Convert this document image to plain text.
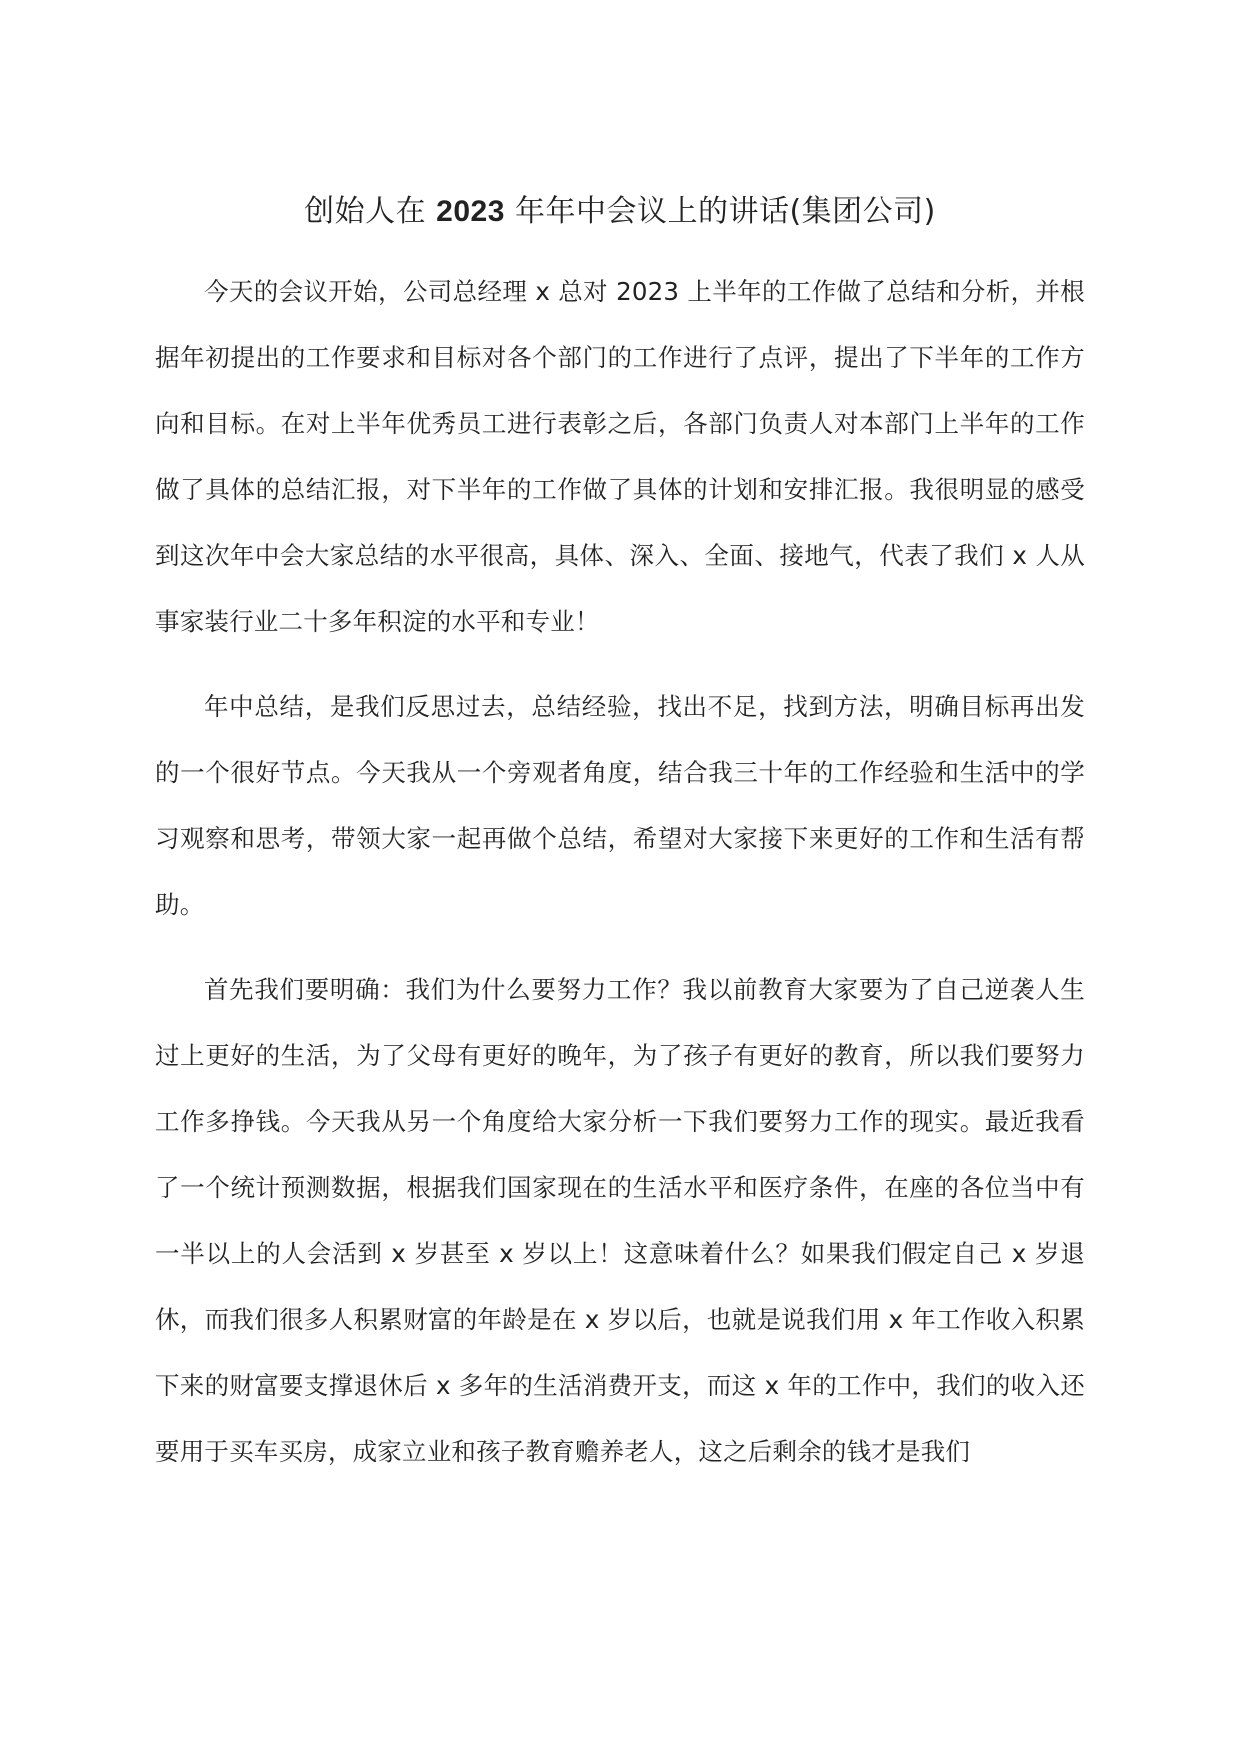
创始人在 2023 年年中会议上的讲话(集团公司)

今天的会议开始，公司总经理 x 总对 2023 上半年的工作做了总结和分析，并根据年初提出的工作要求和目标对各个部门的工作进行了点评，提出了下半年的工作方向和目标。在对上半年优秀员工进行表彰之后，各部门负责人对本部门上半年的工作做了具体的总结汇报，对下半年的工作做了具体的计划和安排汇报。我很明显的感受到这次年中会大家总结的水平很高，具体、深入、全面、接地气，代表了我们 x 人从事家装行业二十多年积淀的水平和专业！

年中总结，是我们反思过去，总结经验，找出不足，找到方法，明确目标再出发的一个很好节点。今天我从一个旁观者角度，结合我三十年的工作经验和生活中的学习观察和思考，带领大家一起再做个总结，希望对大家接下来更好的工作和生活有帮助。

首先我们要明确：我们为什么要努力工作？我以前教育大家要为了自己逆袭人生过上更好的生活，为了父母有更好的晚年，为了孩子有更好的教育，所以我们要努力工作多挣钱。今天我从另一个角度给大家分析一下我们要努力工作的现实。最近我看了一个统计预测数据，根据我们国家现在的生活水平和医疗条件，在座的各位当中有一半以上的人会活到 x 岁甚至 x 岁以上！这意味着什么？如果我们假定自己 x 岁退休，而我们很多人积累财富的年龄是在 x 岁以后，也就是说我们用 x 年工作收入积累下来的财富要支撑退休后 x 多年的生活消费开支，而这 x 年的工作中，我们的收入还要用于买车买房，成家立业和孩子教育赡养老人，这之后剩余的钱才是我们
